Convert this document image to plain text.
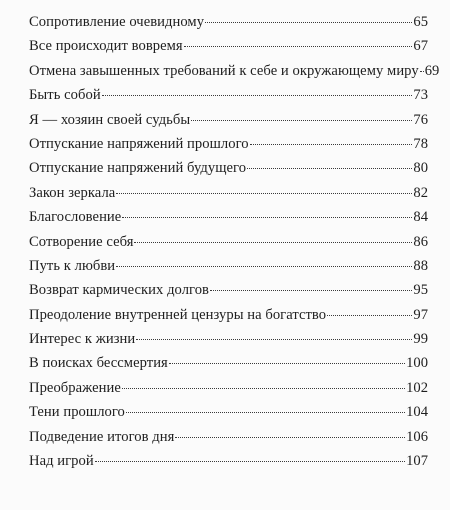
Сопротивление очевидному	65
Все происходит вовремя	67
Отмена завышенных требований к себе и окружающему миру 69
Быть собой	73
Я — хозяин своей судьбы	76
Отпускание напряжений прошлого	78
Отпускание напряжений будущего	80
Закон зеркала	82
Благословение	84
Сотворение себя	86
Путь к любви	88
Возврат кармических долгов	95
Преодоление внутренней цензуры на богатство	97
Интерес к жизни	99
В поисках бессмертия	100
Преображение	102
Тени прошлого	104
Подведение итогов дня	106
Над игрой	107
